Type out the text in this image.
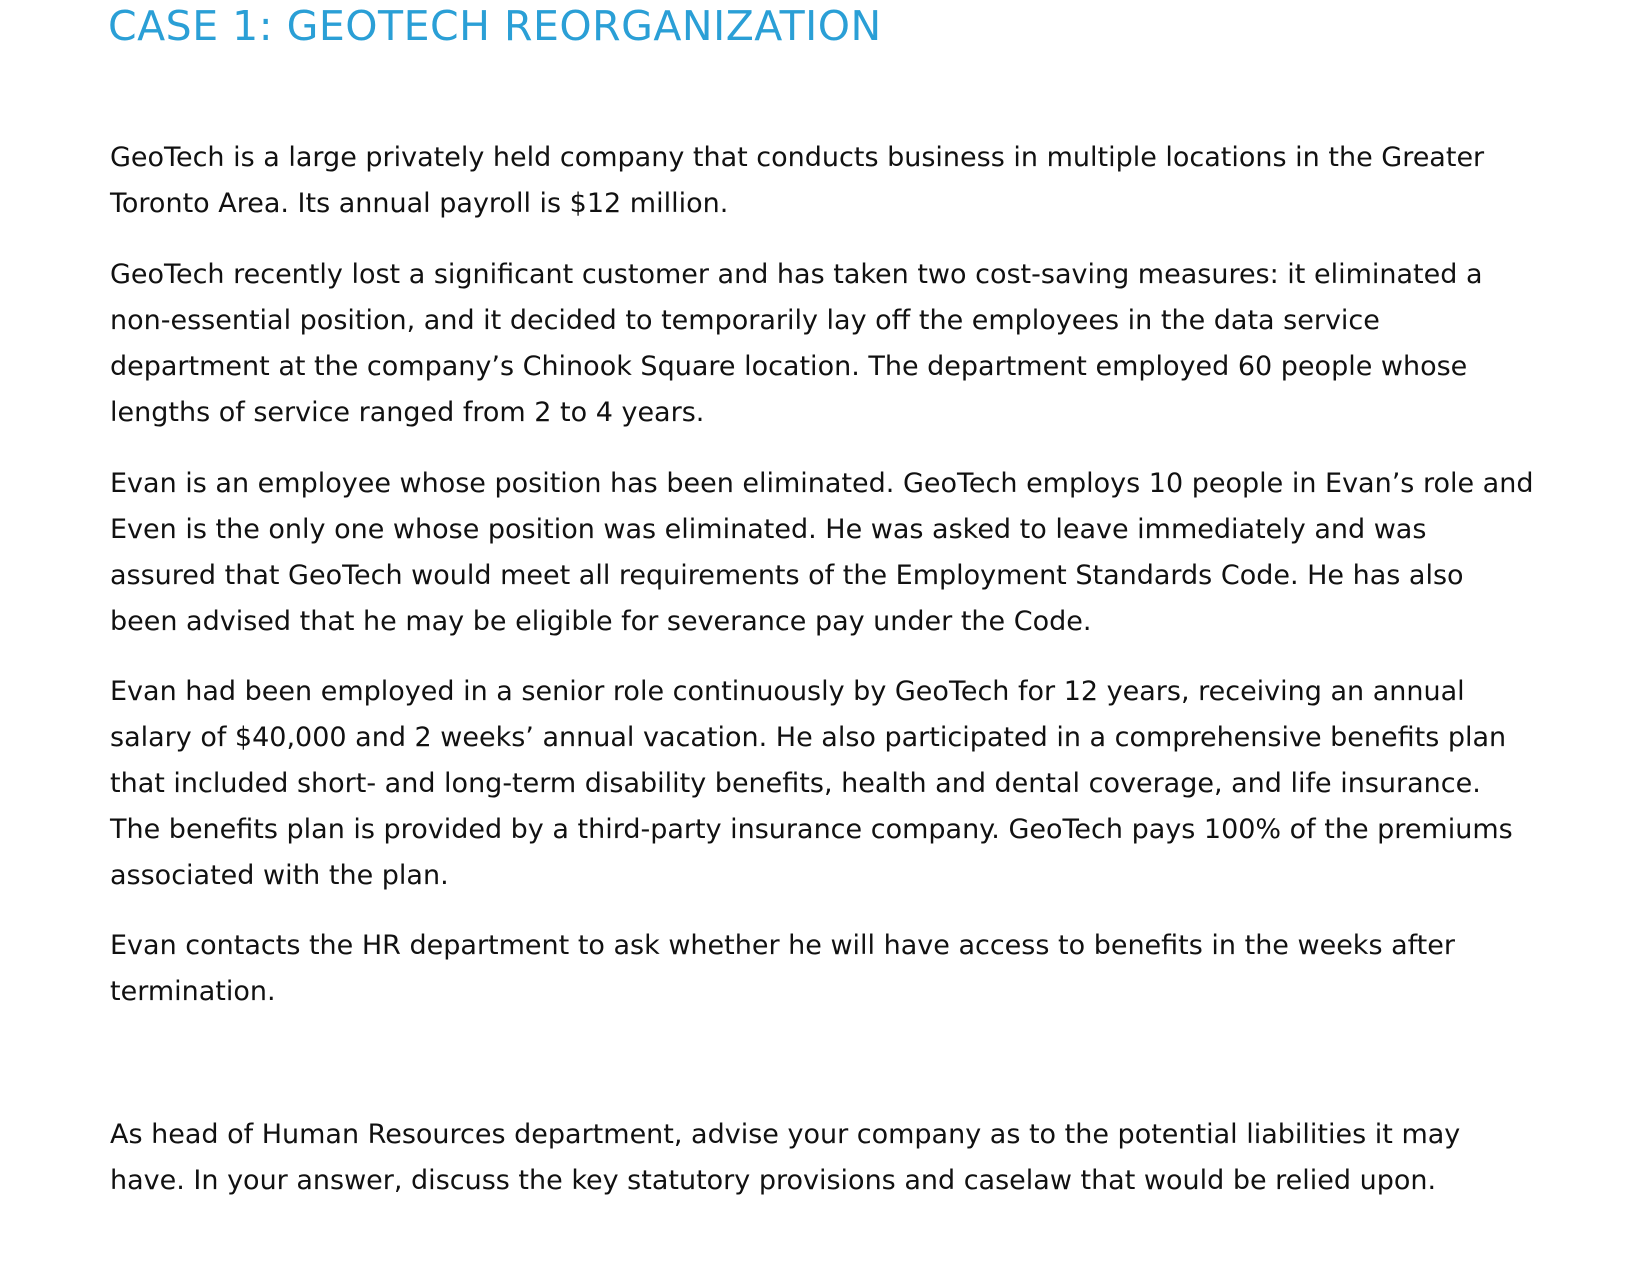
CASE 1: GEOTECH REORGANIZATION

GeoTech is a large privately held company that conducts business in multiple locations in the Greater
Toronto Area. Its annual payroll is $12 million.

GeoTech recently lost a significant customer and has taken two cost-saving measures: it eliminated a
non-essential position, and it decided to temporarily lay off the employees in the data service
department at the company’s Chinook Square location. The department employed 60 people whose
lengths of service ranged from 2 to 4 years.

Evan is an employee whose position has been eliminated. GeoTech employs 10 people in Evan’s role and
Even is the only one whose position was eliminated. He was asked to leave immediately and was
assured that GeoTech would meet all requirements of the Employment Standards Code. He has also
been advised that he may be eligible for severance pay under the Code.

Evan had been employed in a senior role continuously by GeoTech for 12 years, receiving an annual
salary of $40,000 and 2 weeks’ annual vacation. He also participated in a comprehensive benefits plan
that included short- and long-term disability benefits, health and dental coverage, and life insurance.
The benefits plan is provided by a third-party insurance company. GeoTech pays 100% of the premiums
associated with the plan.

Evan contacts the HR department to ask whether he will have access to benefits in the weeks after
termination.

As head of Human Resources department, advise your company as to the potential liabilities it may
have. In your answer, discuss the key statutory provisions and caselaw that would be relied upon.
